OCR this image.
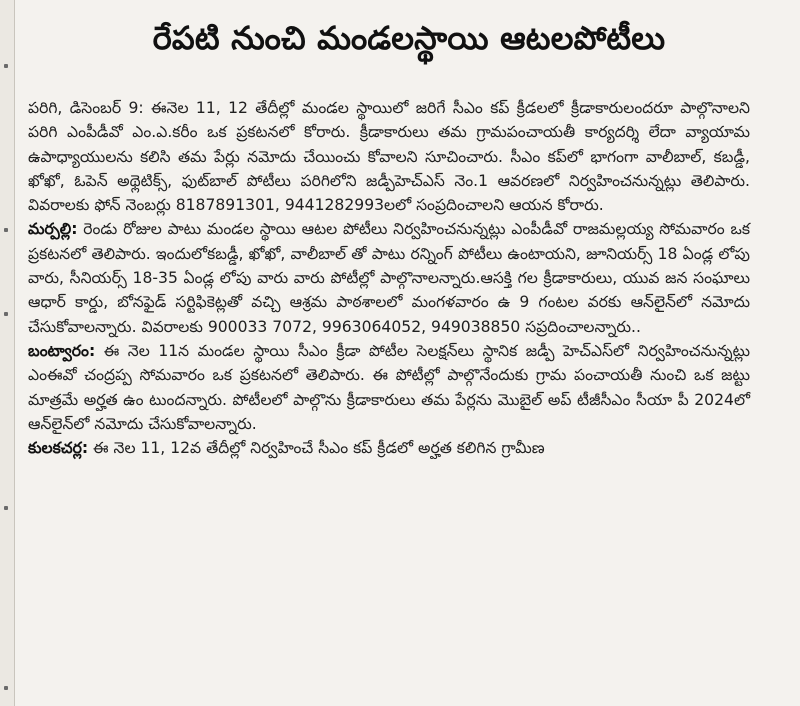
రేపటి నుంచి మండలస్థాయి ఆటలపోటీలు

పరిగి, డిసెంబర్ 9: ఈనెల 11, 12 తేదీల్లో మండల స్థాయిలో జరిగే సీఎం కప్ క్రీడలలో క్రీడాకారులందరూ పాల్గొనాలని పరిగి ఎంపీడీవో ఎం.ఎ.కరీం ఒక ప్రకటనలో కోరారు. క్రీడాకారులు తమ గ్రామపంచాయతీ కార్యదర్శి లేదా వ్యాయామ ఉపాధ్యాయులను కలిసి తమ పేర్లు నమోదు చేయించు కోవాలని సూచించారు. సీఎం కప్‌లో భాగంగా వాలీబాల్, కబడ్డీ, ఖోఖో, ఓపెన్ అథ్లెటిక్స్, ఫుట్‌బాల్ పోటీలు పరిగిలోని జడ్పీహెచ్ఎస్ నెం.1 ఆవరణలో నిర్వహించనున్నట్లు తెలిపారు. వివరాలకు ఫోన్ నెంబర్లు 8187891301, 9441282993లలో సంప్రదించాలని ఆయన కోరారు.

మర్పల్లి: రెండు రోజుల పాటు మండల స్థాయి ఆటల పోటీలు నిర్వహించనున్నట్లు ఎంపీడీవో రాజమల్లయ్య సోమవారం ఒక ప్రకటనలో తెలిపారు. ఇందులోకబడ్డీ, ఖోఖో, వాలీబాల్ తో పాటు రన్నింగ్ పోటీలు ఉంటాయని, జూనియర్స్ 18 ఏండ్ల లోపు వారు, సీనియర్స్ 18-35 ఏండ్ల లోపు వారు వారు పోటీల్లో పాల్గొనాలన్నారు.ఆసక్తి గల క్రీడాకారులు, యువ జన సంఘాలు ఆధార్ కార్డు, బోనఫైడ్ సర్టిఫికెట్లతో వచ్చి ఆశ్రమ పాఠశాలలో మంగళవారం ఉ 9 గంటల వరకు ఆన్‌లైన్‌లో నమోదు చేసుకోవాలన్నారు. వివరాలకు 900033 7072, 9963064052, 949038850 సప్రదించాలన్నారు..

బంట్వారం: ఈ నెల 11న మండల స్థాయి సీఎం క్రీడా పోటీల సెలక్షన్‌లు స్థానిక జడ్పీ హెచ్ఎస్‌లో నిర్వహించనున్నట్లు ఎంఈవో చంద్రప్ప సోమవారం ఒక ప్రకటనలో తెలిపారు. ఈ పోటీల్లో పాల్గొనేందుకు గ్రామ పంచాయతీ నుంచి ఒక జట్టు మాత్రమే అర్హత ఉం టుందన్నారు. పోటీలలో పాల్గొను క్రీడాకారులు తమ పేర్లను మొబైల్ అప్ టీజీసీఎం సీయా పీ 2024లో ఆన్‌లైన్‌లో నమోదు చేసుకోవాలన్నారు.

కులకచర్ల: ఈ నెల 11, 12వ తేదీల్లో నిర్వహించే సీఎం కప్ క్రీడలో అర్హత కలిగిన గ్రామీణ
